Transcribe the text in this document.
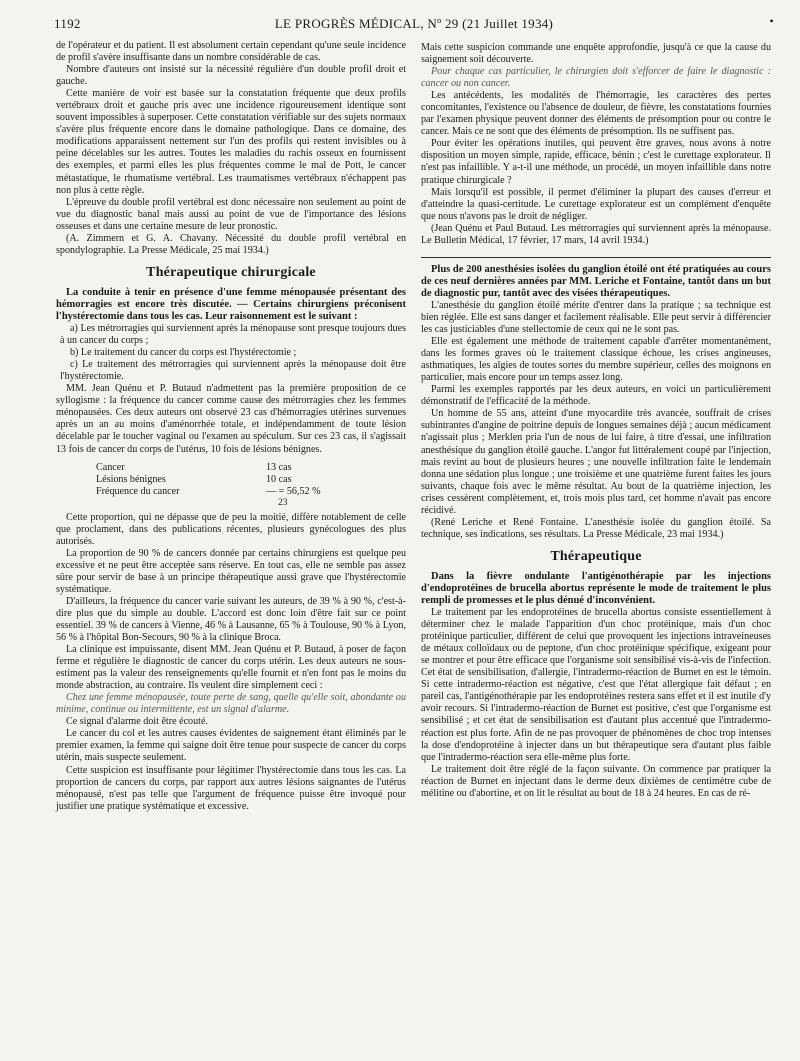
1192	LE PROGRÈS MÉDICAL, Nº 29 (21 Juillet 1934)	•

de l'opérateur et du patient. Il est absolument certain cependant qu'une seule incidence de profil s'avère insuffisante dans un nombre considérable de cas.

Nombre d'auteurs ont insisté sur la nécessité régulière d'un double profil droit et gauche.

Cette manière de voir est basée sur la constatation fréquente que deux profils vertébraux droit et gauche pris avec une incidence rigoureusement identique sont souvent impossibles à superposer. Cette constatation vérifiable sur des sujets normaux s'avère plus fréquente encore dans le domaine pathologique. Dans ce domaine, des modifications apparaissent nettement sur l'un des profils qui restent invisibles ou à peine décelables sur les autres. Toutes les maladies du rachis osseux en fournissent des exemples, et parmi elles les plus fréquentes comme le mal de Pott, le cancer métastatique, le rhumatisme vertébral. Les traumatismes vertébraux n'échappent pas non plus à cette règle.

L'épreuve du double profil vertébral est donc nécessaire non seulement au point de vue du diagnostic banal mais aussi au point de vue de l'importance des lésions osseuses et dans une certaine mesure de leur pronostic.

(A. Zimmern et G. A. Chavany. Nécessité du double profil vertébral en spondylographie. La Presse Médicale, 25 mai 1934.)

Thérapeutique chirurgicale

La conduite à tenir en présence d'une femme ménopausée présentant des hémorragies est encore très discutée. — Certains chirurgiens préconisent l'hystérectomie dans tous les cas. Leur raisonnement est le suivant :

a) Les métrorragies qui surviennent après la ménopause sont presque toujours dues à un cancer du corps ;

b) Le traitement du cancer du corps est l'hystérectomie ;

c) Le traitement des métrorragies qui surviennent après la ménopause doit être l'hystérectomie.

MM. Jean Quénu et P. Butaud n'admettent pas la première proposition de ce syllogisme : la fréquence du cancer comme cause des métrorragies chez les femmes ménopausées. Ces deux auteurs ont observé 23 cas d'hémorragies utérines survenues après un an au moins d'aménorrhée totale, et indépendamment de toute lésion décelable par le toucher vaginal ou l'examen au spéculum. Sur ces 23 cas, il s'agissait 13 fois de cancer du corps de l'utérus, 10 fois de lésions bénignes.

Cancer	13 cas
Lésions bénignes	10 cas
Fréquence du cancer	— = 56,52 %
23

Cette proportion, qui ne dépasse que de peu la moitié, diffère notablement de celle que proclament, dans des publications récentes, plusieurs gynécologues des plus autorisés.

La proportion de 90 % de cancers donnée par certains chirurgiens est quelque peu excessive et ne peut être acceptée sans réserve. En tout cas, elle ne semble pas assez sûre pour servir de base à un principe thérapeutique aussi grave que l'hystérectomie systématique.

D'ailleurs, la fréquence du cancer varie suivant les auteurs, de 39 % à 90 %, c'est-à-dire plus que du simple au double. L'accord est donc loin d'être fait sur ce point essentiel. 39 % de cancers à Vienne, 46 % à Lausanne, 65 % à Toulouse, 90 % à Lyon, 56 % à l'hôpital Bon-Secours, 90 % à la clinique Broca.

La clinique est impuissante, disent MM. Jean Quénu et P. Butaud, à poser de façon ferme et régulière le diagnostic de cancer du corps utérin. Les deux auteurs ne sous-estiment pas la valeur des renseignements qu'elle fournit et n'en font pas le moins du monde abstraction, au contraire. Ils veulent dire simplement ceci :

Chez une femme ménopausée, toute perte de sang, quelle qu'elle soit, abondante ou minime, continue ou intermittente, est un signal d'alarme.

Ce signal d'alarme doit être écouté.

Le cancer du col et les autres causes évidentes de saignement étant éliminés par le premier examen, la femme qui saigne doit être tenue pour suspecte de cancer du corps utérin, mais suspecte seulement.

Cette suspicion est insuffisante pour légitimer l'hystérectomie dans tous les cas. La proportion de cancers du corps, par rapport aux autres lésions saignantes de l'utérus ménopausé, n'est pas telle que l'argument de fréquence puisse être invoqué pour justifier une pratique systématique et excessive.

Mais cette suspicion commande une enquête approfondie, jusqu'à ce que la cause du saignement soit découverte.

Pour chaque cas particulier, le chirurgien doit s'efforcer de faire le diagnostic : cancer ou non cancer.

Les antécédents, les modalités de l'hémorragie, les caractères des pertes concomitantes, l'existence ou l'absence de douleur, de fièvre, les constatations fournies par l'examen physique peuvent donner des éléments de présomption pour ou contre le cancer. Mais ce ne sont que des éléments de présomption. Ils ne suffisent pas.

Pour éviter les opérations inutiles, qui peuvent être graves, nous avons à notre disposition un moyen simple, rapide, efficace, bénin ; c'est le curettage explorateur. Il n'est pas infaillible. Y a-t-il une méthode, un procédé, un moyen infaillible dans notre pratique chirurgicale ?

Mais lorsqu'il est possible, il permet d'éliminer la plupart des causes d'erreur et d'atteindre la quasi-certitude. Le curettage explorateur est un complément d'enquête que nous n'avons pas le droit de négliger.

(Jean Quénu et Paul Butaud. Les métrorragies qui surviennent après la ménopause. Le Bulletin Médical, 17 février, 17 mars, 14 avril 1934.)

Plus de 200 anesthésies isolées du ganglion étoilé ont été pratiquées au cours de ces neuf dernières années par MM. Leriche et Fontaine, tantôt dans un but de diagnostic pur, tantôt avec des visées thérapeutiques.

L'anesthésie du ganglion étoilé mérite d'entrer dans la pratique ; sa technique est bien réglée. Elle est sans danger et facilement réalisable. Elle peut servir à différencier les cas justiciables d'une stellectomie de ceux qui ne le sont pas.

Elle est également une méthode de traitement capable d'arrêter momentanément, dans les formes graves où le traitement classique échoue, les crises angineuses, asthmatiques, les algies de toutes sortes du membre supérieur, celles des moignons en particulier, mais encore pour un temps assez long.

Parmi les exemples rapportés par les deux auteurs, en voici un particulièrement démonstratif de l'efficacité de la méthode.

Un homme de 55 ans, atteint d'une myocardite très avancée, souffrait de crises subintrantes d'angine de poitrine depuis de longues semaines déjà ; aucun médicament n'agissait plus ; Merklen pria l'un de nous de lui faire, à titre d'essai, une infiltration anesthésique du ganglion étoilé gauche. L'angor fut littéralement coupé par l'injection, mais revint au bout de plusieurs heures ; une nouvelle infiltration faite le lendemain donna une sédation plus longue ; une troisième et une quatrième furent faites les jours suivants, chaque fois avec le même résultat. Au bout de la quatrième injection, les crises cessèrent complètement, et, trois mois plus tard, cet homme n'avait pas encore récidivé.

(René Leriche et René Fontaine. L'anesthésie isolée du ganglion étoilé. Sa technique, ses indications, ses résultats. La Presse Médicale, 23 mai 1934.)

Thérapeutique

Dans la fièvre ondulante l'antigénothérapie par les injections d'endoprotéines de brucella abortus représente le mode de traitement le plus rempli de promesses et le plus dénué d'inconvénient.

Le traitement par les endoprotéines de brucella abortus consiste essentiellement à déterminer chez le malade l'apparition d'un choc protéinique, mais d'un choc protéinique particulier, différent de celui que provoquent les injections intraveineuses de métaux colloïdaux ou de peptone, d'un choc protéinique spécifique, exigeant pour se montrer et pour être efficace que l'organisme soit sensibilisé vis-à-vis de l'infection. Cet état de sensibilisation, d'allergie, l'intradermo-réaction de Burnet en est le témoin. Si cette intradermo-réaction est négative, c'est que l'état allergique fait défaut ; en pareil cas, l'antigénothérapie par les endoprotéines restera sans effet et il est inutile d'y avoir recours. Si l'intradermo-réaction de Burnet est positive, c'est que l'organisme est sensibilisé ; et cet état de sensibilisation est d'autant plus accentué que l'intradermo-réaction est plus forte. Afin de ne pas provoquer de phénomènes de choc trop intenses la dose d'endoprotéine à injecter dans un but thérapeutique sera d'autant plus faible que l'intradermo-réaction sera elle-même plus forte.

Le traitement doit être réglé de la façon suivante. On commence par pratiquer la réaction de Burnet en injectant dans le derme deux dixièmes de centimètre cube de mélitine ou d'abortine, et on lit le résultat au bout de 18 à 24 heures. En cas de ré-
